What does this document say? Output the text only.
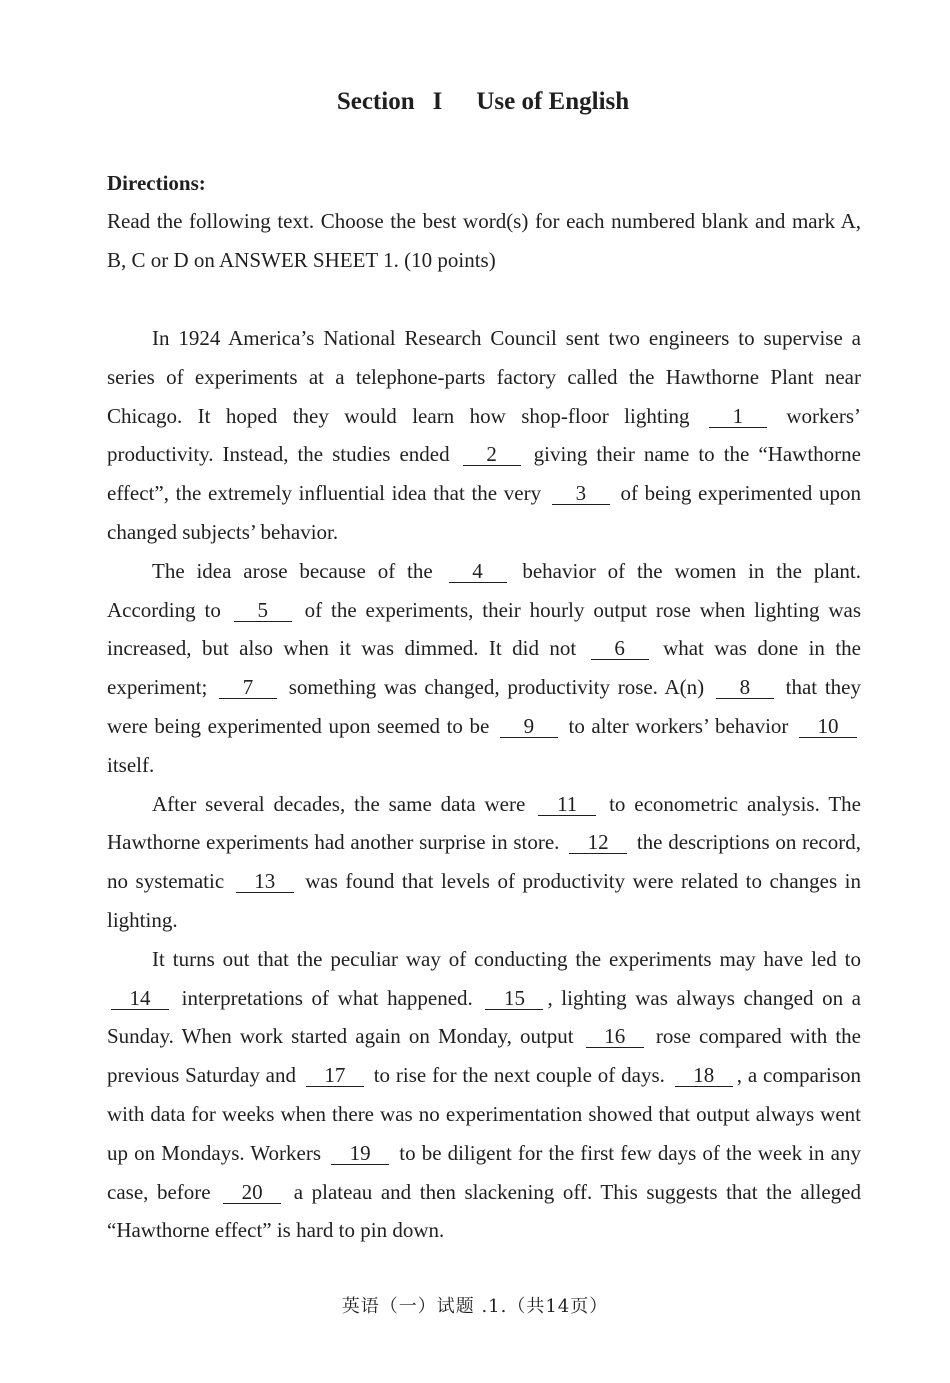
Section I Use of English
Directions:
Read the following text. Choose the best word(s) for each numbered blank and mark A, B, C or D on ANSWER SHEET 1. (10 points)

In 1924 America’s National Research Council sent two engineers to supervise a series of experiments at a telephone-parts factory called the Hawthorne Plant near Chicago. It hoped they would learn how shop-floor lighting 1 workers’ productivity. Instead, the studies ended 2 giving their name to the “Hawthorne effect”, the extremely influential idea that the very 3 of being experimented upon changed subjects’ behavior.

The idea arose because of the 4 behavior of the women in the plant. According to 5 of the experiments, their hourly output rose when lighting was increased, but also when it was dimmed. It did not 6 what was done in the experiment; 7 something was changed, productivity rose. A(n) 8 that they were being experimented upon seemed to be 9 to alter workers’ behavior 10 itself.

After several decades, the same data were 11 to econometric analysis. The Hawthorne experiments had another surprise in store. 12 the descriptions on record, no systematic 13 was found that levels of productivity were related to changes in lighting.

It turns out that the peculiar way of conducting the experiments may have led to 14 interpretations of what happened. 15 , lighting was always changed on a Sunday. When work started again on Monday, output 16 rose compared with the previous Saturday and 17 to rise for the next couple of days. 18 , a comparison with data for weeks when there was no experimentation showed that output always went up on Mondays. Workers 19 to be diligent for the first few days of the week in any case, before 20 a plateau and then slackening off. This suggests that the alleged “Hawthorne effect” is hard to pin down.

英语（一）试题 .1.（共14页）
